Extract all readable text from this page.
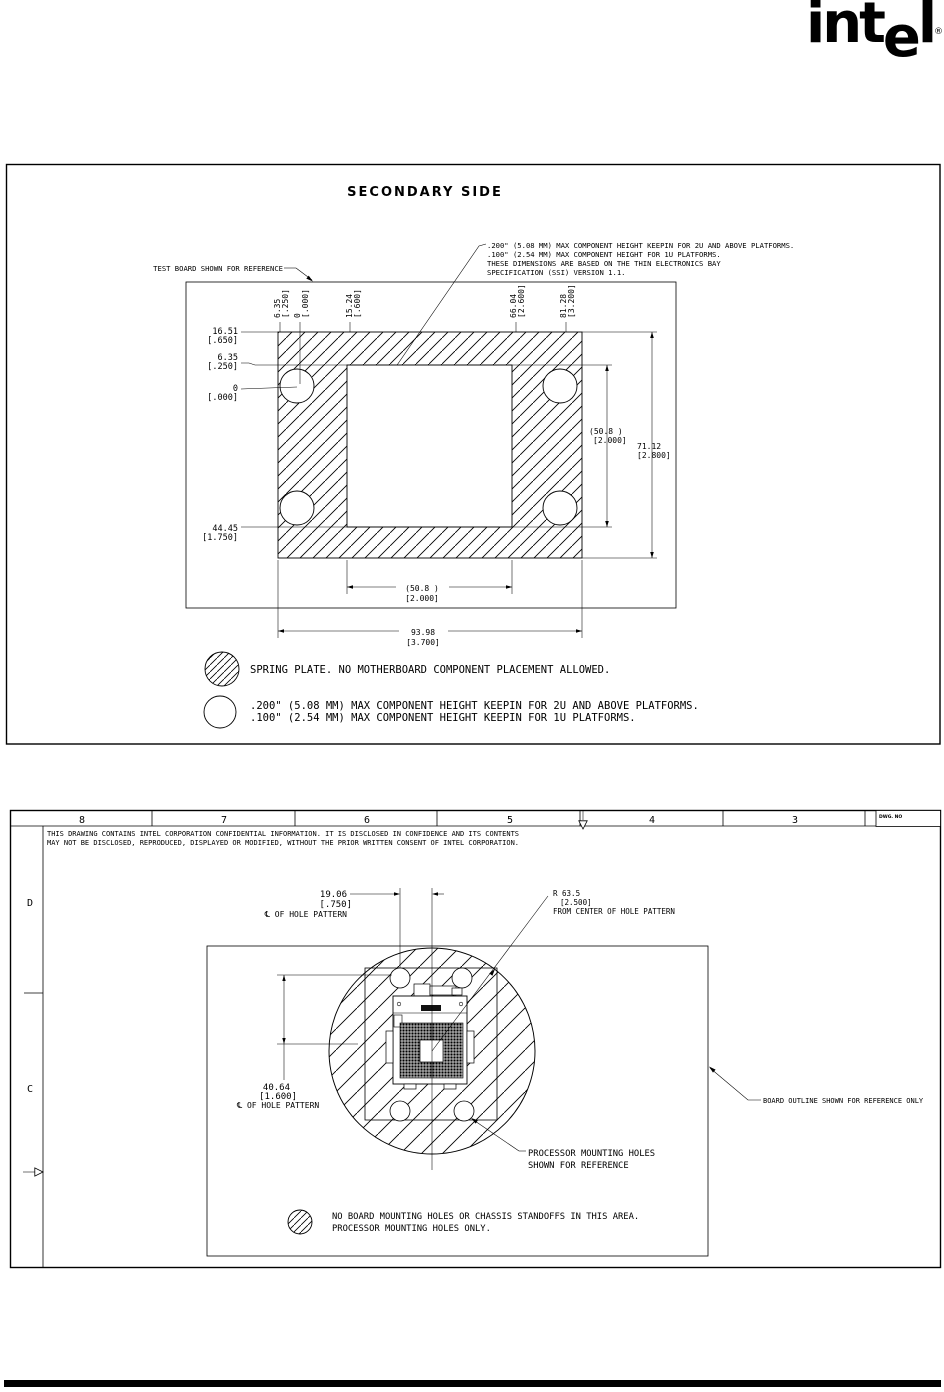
intel ®
SECONDARY SIDE
.200" (5.08 MM) MAX COMPONENT HEIGHT KEEPIN FOR 2U AND ABOVE PLATFORMS.
.100" (2.54 MM) MAX COMPONENT HEIGHT FOR 1U PLATFORMS.
THESE DIMENSIONS ARE BASED ON THE THIN ELECTRONICS BAY
SPECIFICATION (SSI) VERSION 1.1.
TEST BOARD SHOWN FOR REFERENCE
6.35 [.250] 0 [.000]	15.24 [.600]	66.04 [2.600]	81.28 [3.200]
16.51
[.650]
6.35
[.250]
0
[.000]
44.45
[1.750]
(50.8 )
[2.000]
71.12
[2.800]
(50.8 )
[2.000]
93.98
[3.700]
SPRING PLATE. NO MOTHERBOARD COMPONENT PLACEMENT ALLOWED.
.200" (5.08 MM) MAX COMPONENT HEIGHT KEEPIN FOR 2U AND ABOVE PLATFORMS.
.100" (2.54 MM) MAX COMPONENT HEIGHT KEEPIN FOR 1U PLATFORMS.
8	7	6	5	4	3	DWG. NO
THIS DRAWING CONTAINS INTEL CORPORATION CONFIDENTIAL INFORMATION. IT IS DISCLOSED IN CONFIDENCE AND ITS CONTENTS
MAY NOT BE DISCLOSED, REPRODUCED, DISPLAYED OR MODIFIED, WITHOUT THE PRIOR WRITTEN CONSENT OF INTEL CORPORATION.
D
C
19.06
[.750]
℄ OF HOLE PATTERN
R 63.5
[2.500]
FROM CENTER OF HOLE PATTERN
40.64
[1.600]
℄ OF HOLE PATTERN
PROCESSOR MOUNTING HOLES
SHOWN FOR REFERENCE
BOARD OUTLINE SHOWN FOR REFERENCE ONLY
NO BOARD MOUNTING HOLES OR CHASSIS STANDOFFS IN THIS AREA.
PROCESSOR MOUNTING HOLES ONLY.
